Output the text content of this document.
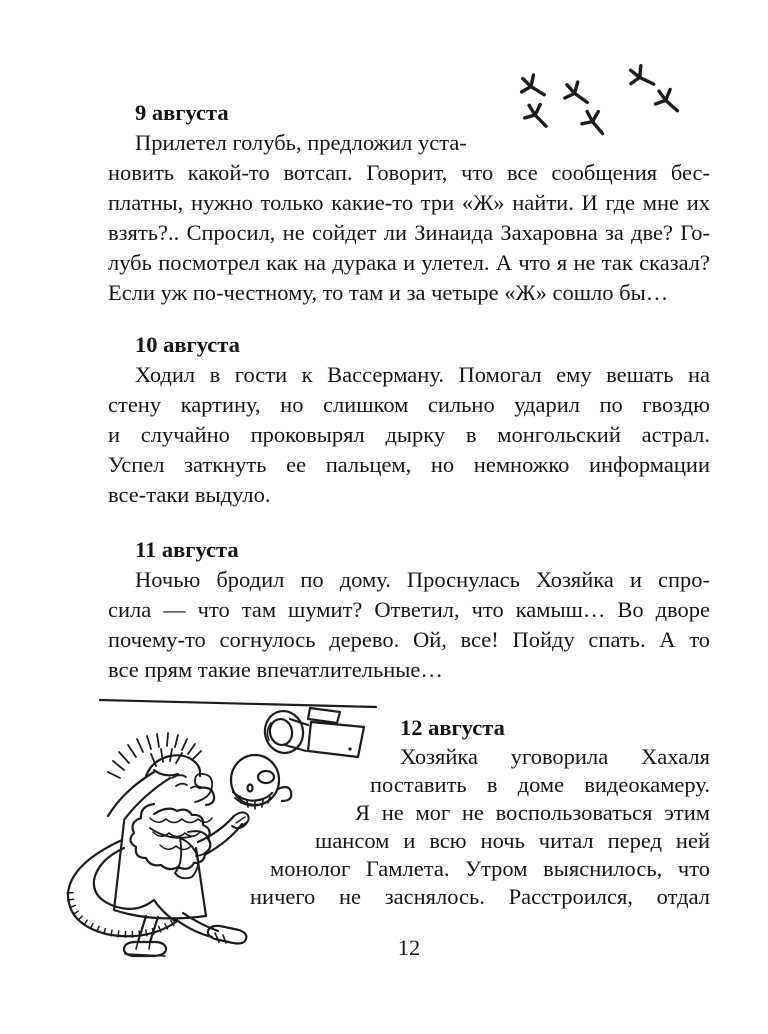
9 августа
Прилетел голубь, предложил уста-
новить какой-то вотсап. Говорит, что все сообщения бес-
платны, нужно только какие-то три «Ж» найти. И где мне их
взять?.. Спросил, не сойдет ли Зинаида Захаровна за две? Го-
лубь посмотрел как на дурака и улетел. А что я не так сказал?
Если уж по-честному, то там и за четыре «Ж» сошло бы…
10 августа
Ходил в гости к Вассерману. Помогал ему вешать на
стену картину, но слишком сильно ударил по гвоздю
и случайно проковырял дырку в монгольский астрал.
Успел заткнуть ее пальцем, но немножко информации
все-таки выдуло.
11 августа
Ночью бродил по дому. Проснулась Хозяйка и спро-
сила — что там шумит? Ответил, что камыш… Во дворе
почему-то согнулось дерево. Ой, все! Пойду спать. А то
все прям такие впечатлительные…
12 августа
Хозяйка уговорила Хахаля
поставить в доме видеокамеру.
Я не мог не воспользоваться этим
шансом и всю ночь читал перед ней
монолог Гамлета. Утром выяснилось, что
ничего не заснялось. Расстроился, отдал
12
